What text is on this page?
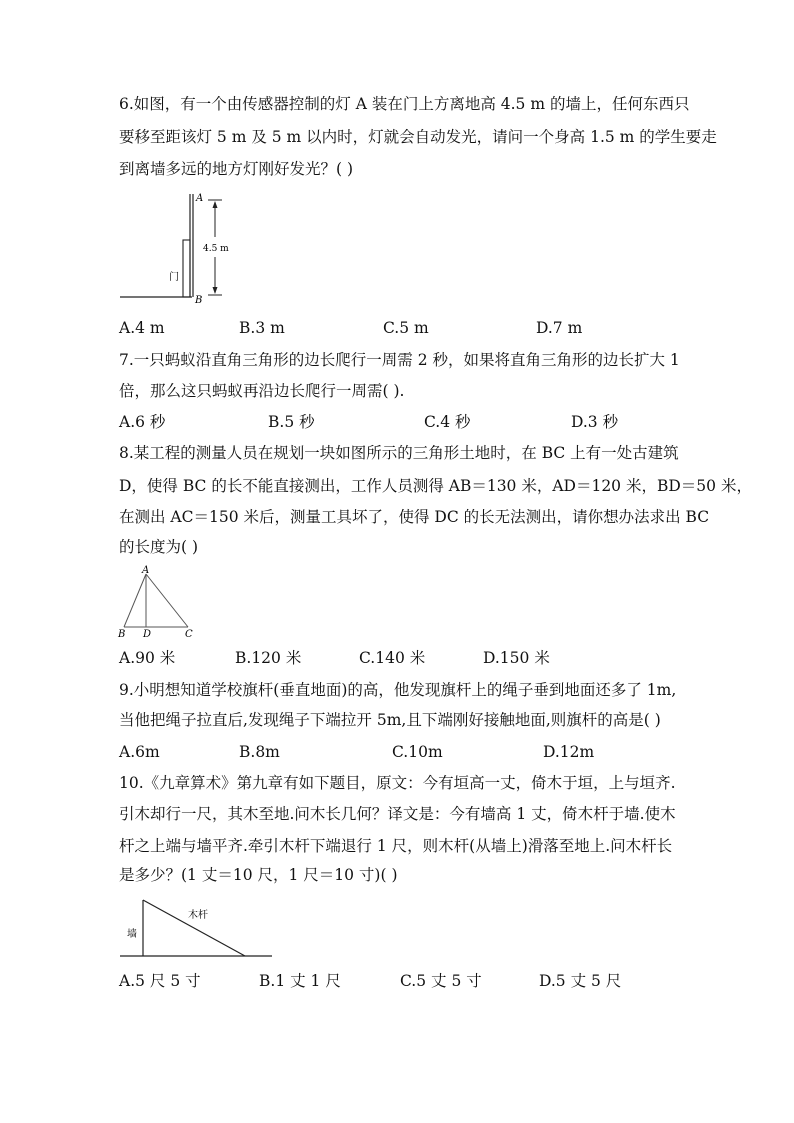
6.如图，有一个由传感器控制的灯 A 装在门上方离地高 4.5 m 的墙上，任何东西只
要移至距该灯 5 m 及 5 m 以内时，灯就会自动发光，请问一个身高 1.5 m 的学生要走
到离墙多远的地方灯刚好发光？( )
门
A
B
4.5 m
A.4 m	B.3 m	C.5 m	D.7 m
7.一只蚂蚁沿直角三角形的边长爬行一周需 2 秒，如果将直角三角形的边长扩大 1
倍，那么这只蚂蚁再沿边长爬行一周需( ).
A.6 秒	B.5 秒	C.4 秒	D.3 秒
8.某工程的测量人员在规划一块如图所示的三角形土地时，在 BC 上有一处古建筑
D，使得 BC 的长不能直接测出，工作人员测得 AB＝130 米，AD＝120 米，BD＝50 米，
在测出 AC＝150 米后，测量工具坏了，使得 DC 的长无法测出，请你想办法求出 BC
的长度为( )
A
B D	C
A.90 米	B.120 米	C.140 米	D.150 米
9.小明想知道学校旗杆(垂直地面)的高，他发现旗杆上的绳子垂到地面还多了 1m,
当他把绳子拉直后,发现绳子下端拉开 5m,且下端刚好接触地面,则旗杆的高是( )
A.6m	B.8m	C.10m	D.12m
10.《九章算术》第九章有如下题目，原文：今有垣高一丈，倚木于垣，上与垣齐.
引木却行一尺，其木至地.问木长几何？译文是：今有墙高 1 丈，倚木杆于墙.使木
杆之上端与墙平齐.牵引木杆下端退行 1 尺，则木杆(从墙上)滑落至地上.问木杆长
是多少？(1 丈＝10 尺，1 尺＝10 寸)( )
墙
木杆
A.5 尺 5 寸	B.1 丈 1 尺	C.5 丈 5 寸	D.5 丈 5 尺
